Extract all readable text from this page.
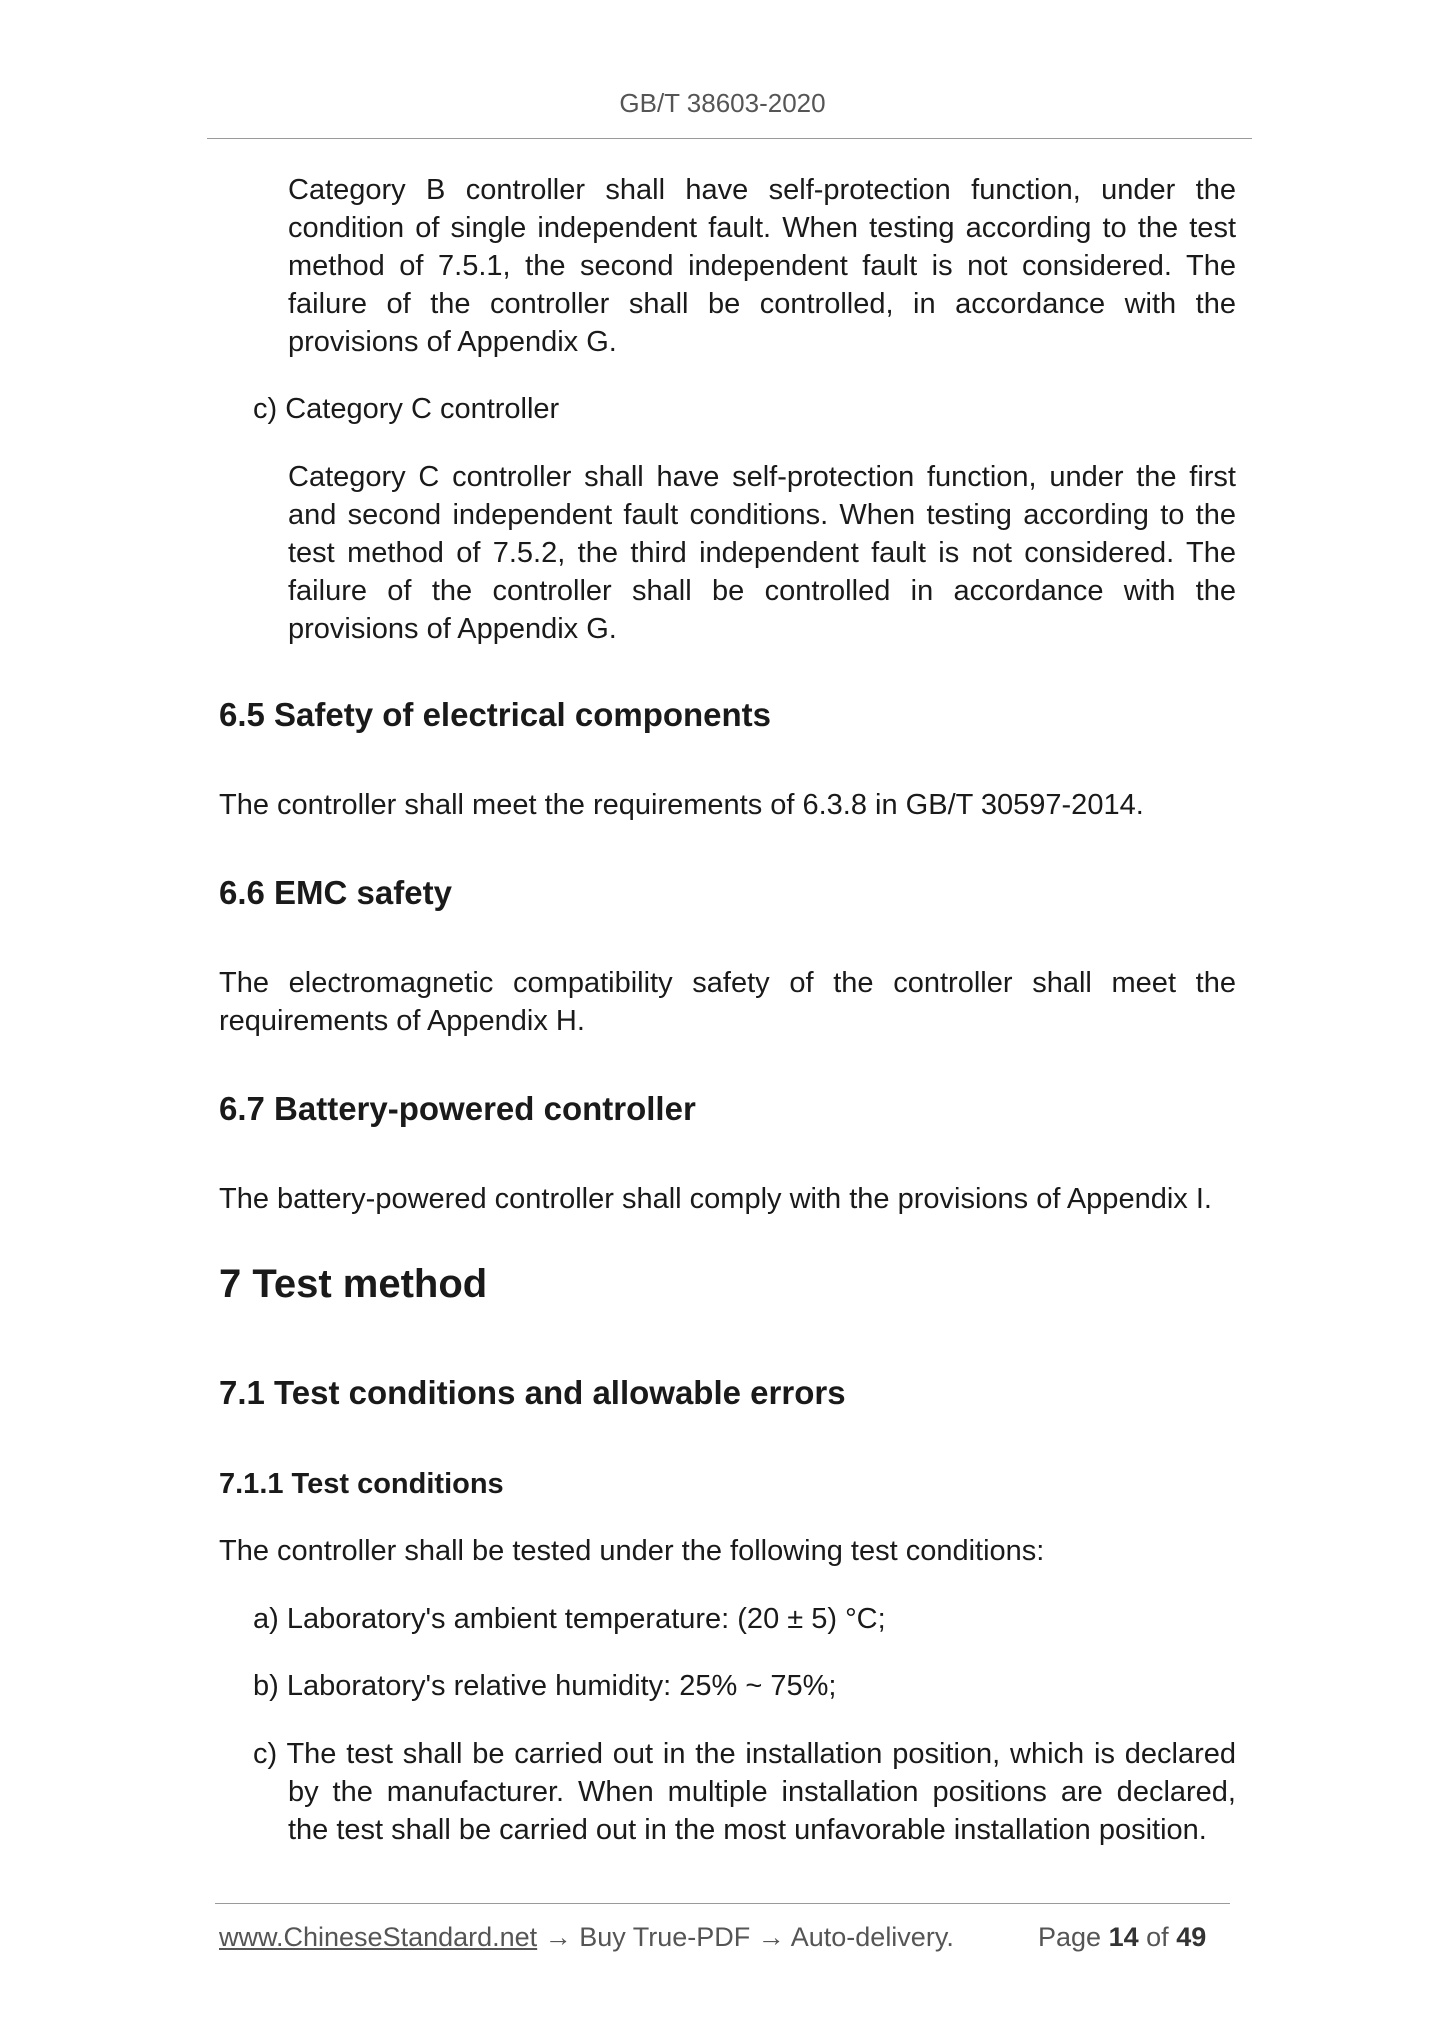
GB/T 38603-2020

Category B controller shall have self-protection function, under the condition of single independent fault. When testing according to the test method of 7.5.1, the second independent fault is not considered. The failure of the controller shall be controlled, in accordance with the provisions of Appendix G.

c) Category C controller

Category C controller shall have self-protection function, under the first and second independent fault conditions. When testing according to the test method of 7.5.2, the third independent fault is not considered. The failure of the controller shall be controlled in accordance with the provisions of Appendix G.

6.5 Safety of electrical components

The controller shall meet the requirements of 6.3.8 in GB/T 30597-2014.

6.6 EMC safety

The electromagnetic compatibility safety of the controller shall meet the requirements of Appendix H.

6.7 Battery-powered controller

The battery-powered controller shall comply with the provisions of Appendix I.

7 Test method
7.1 Test conditions and allowable errors
7.1.1 Test conditions

The controller shall be tested under the following test conditions:

a) Laboratory's ambient temperature: (20 ± 5) °C;

b) Laboratory's relative humidity: 25% ~ 75%;

c) The test shall be carried out in the installation position, which is declared by the manufacturer. When multiple installation positions are declared, the test shall be carried out in the most unfavorable installation position.

www.ChineseStandard.net → Buy True-PDF → Auto-delivery.	Page 14 of 49
